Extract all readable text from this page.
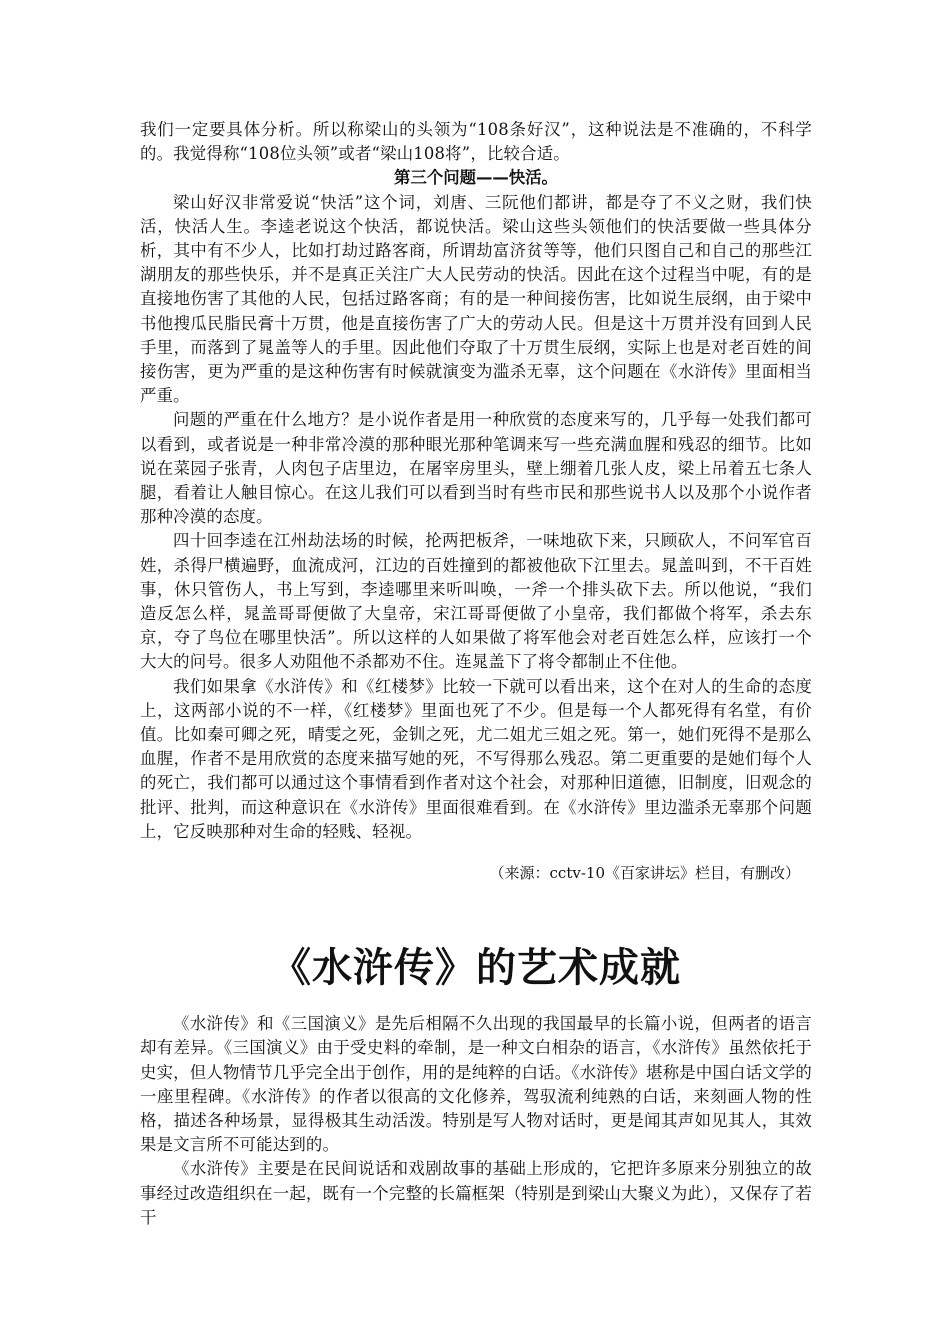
我们一定要具体分析。所以称梁山的头领为“108条好汉”，这种说法是不准确的，不科学的。我觉得称“108位头领”或者“梁山108将”，比较合适。

第三个问题——快活。

梁山好汉非常爱说“快活”这个词，刘唐、三阮他们都讲，都是夺了不义之财，我们快活，快活人生。李逵老说这个快活，都说快活。梁山这些头领他们的快活要做一些具体分析，其中有不少人，比如打劫过路客商，所谓劫富济贫等等，他们只图自己和自己的那些江湖朋友的那些快乐，并不是真正关注广大人民劳动的快活。因此在这个过程当中呢，有的是直接地伤害了其他的人民，包括过路客商；有的是一种间接伤害，比如说生辰纲，由于梁中书他搜瓜民脂民膏十万贯，他是直接伤害了广大的劳动人民。但是这十万贯并没有回到人民手里，而落到了晁盖等人的手里。因此他们夺取了十万贯生辰纲，实际上也是对老百姓的间接伤害，更为严重的是这种伤害有时候就演变为滥杀无辜，这个问题在《水浒传》里面相当严重。

问题的严重在什么地方？是小说作者是用一种欣赏的态度来写的，几乎每一处我们都可以看到，或者说是一种非常冷漠的那种眼光那种笔调来写一些充满血腥和残忍的细节。比如说在菜园子张青，人肉包子店里边，在屠宰房里头，壁上绷着几张人皮，梁上吊着五七条人腿，看着让人触目惊心。在这儿我们可以看到当时有些市民和那些说书人以及那个小说作者那种冷漠的态度。

四十回李逵在江州劫法场的时候，抡两把板斧，一味地砍下来，只顾砍人，不问军官百姓，杀得尸横遍野，血流成河，江边的百姓撞到的都被他砍下江里去。晁盖叫到，不干百姓事，休只管伤人，书上写到，李逵哪里来听叫唤，一斧一个排头砍下去。所以他说，“我们造反怎么样，晁盖哥哥便做了大皇帝，宋江哥哥便做了小皇帝，我们都做个将军，杀去东京，夺了鸟位在哪里快活”。所以这样的人如果做了将军他会对老百姓怎么样，应该打一个大大的问号。很多人劝阻他不杀都劝不住。连晁盖下了将令都制止不住他。

我们如果拿《水浒传》和《红楼梦》比较一下就可以看出来，这个在对人的生命的态度上，这两部小说的不一样，《红楼梦》里面也死了不少。但是每一个人都死得有名堂，有价值。比如秦可卿之死，晴雯之死，金钏之死，尤二姐尤三姐之死。第一，她们死得不是那么血腥，作者不是用欣赏的态度来描写她的死，不写得那么残忍。第二更重要的是她们每个人的死亡，我们都可以通过这个事情看到作者对这个社会，对那种旧道德，旧制度，旧观念的批评、批判，而这种意识在《水浒传》里面很难看到。在《水浒传》里边滥杀无辜那个问题上，它反映那种对生命的轻贱、轻视。

（来源：cctv-10《百家讲坛》栏目，有删改）
《水浒传》的艺术成就

《水浒传》和《三国演义》是先后相隔不久出现的我国最早的长篇小说，但两者的语言却有差异。《三国演义》由于受史料的牵制，是一种文白相杂的语言，《水浒传》虽然依托于史实，但人物情节几乎完全出于创作，用的是纯粹的白话。《水浒传》堪称是中国白话文学的一座里程碑。《水浒传》的作者以很高的文化修养，驾驭流利纯熟的白话，来刻画人物的性格，描述各种场景，显得极其生动活泼。特别是写人物对话时，更是闻其声如见其人，其效果是文言所不可能达到的。

《水浒传》主要是在民间说话和戏剧故事的基础上形成的，它把许多原来分别独立的故事经过改造组织在一起，既有一个完整的长篇框架（特别是到梁山大聚义为此），又保存了若干
